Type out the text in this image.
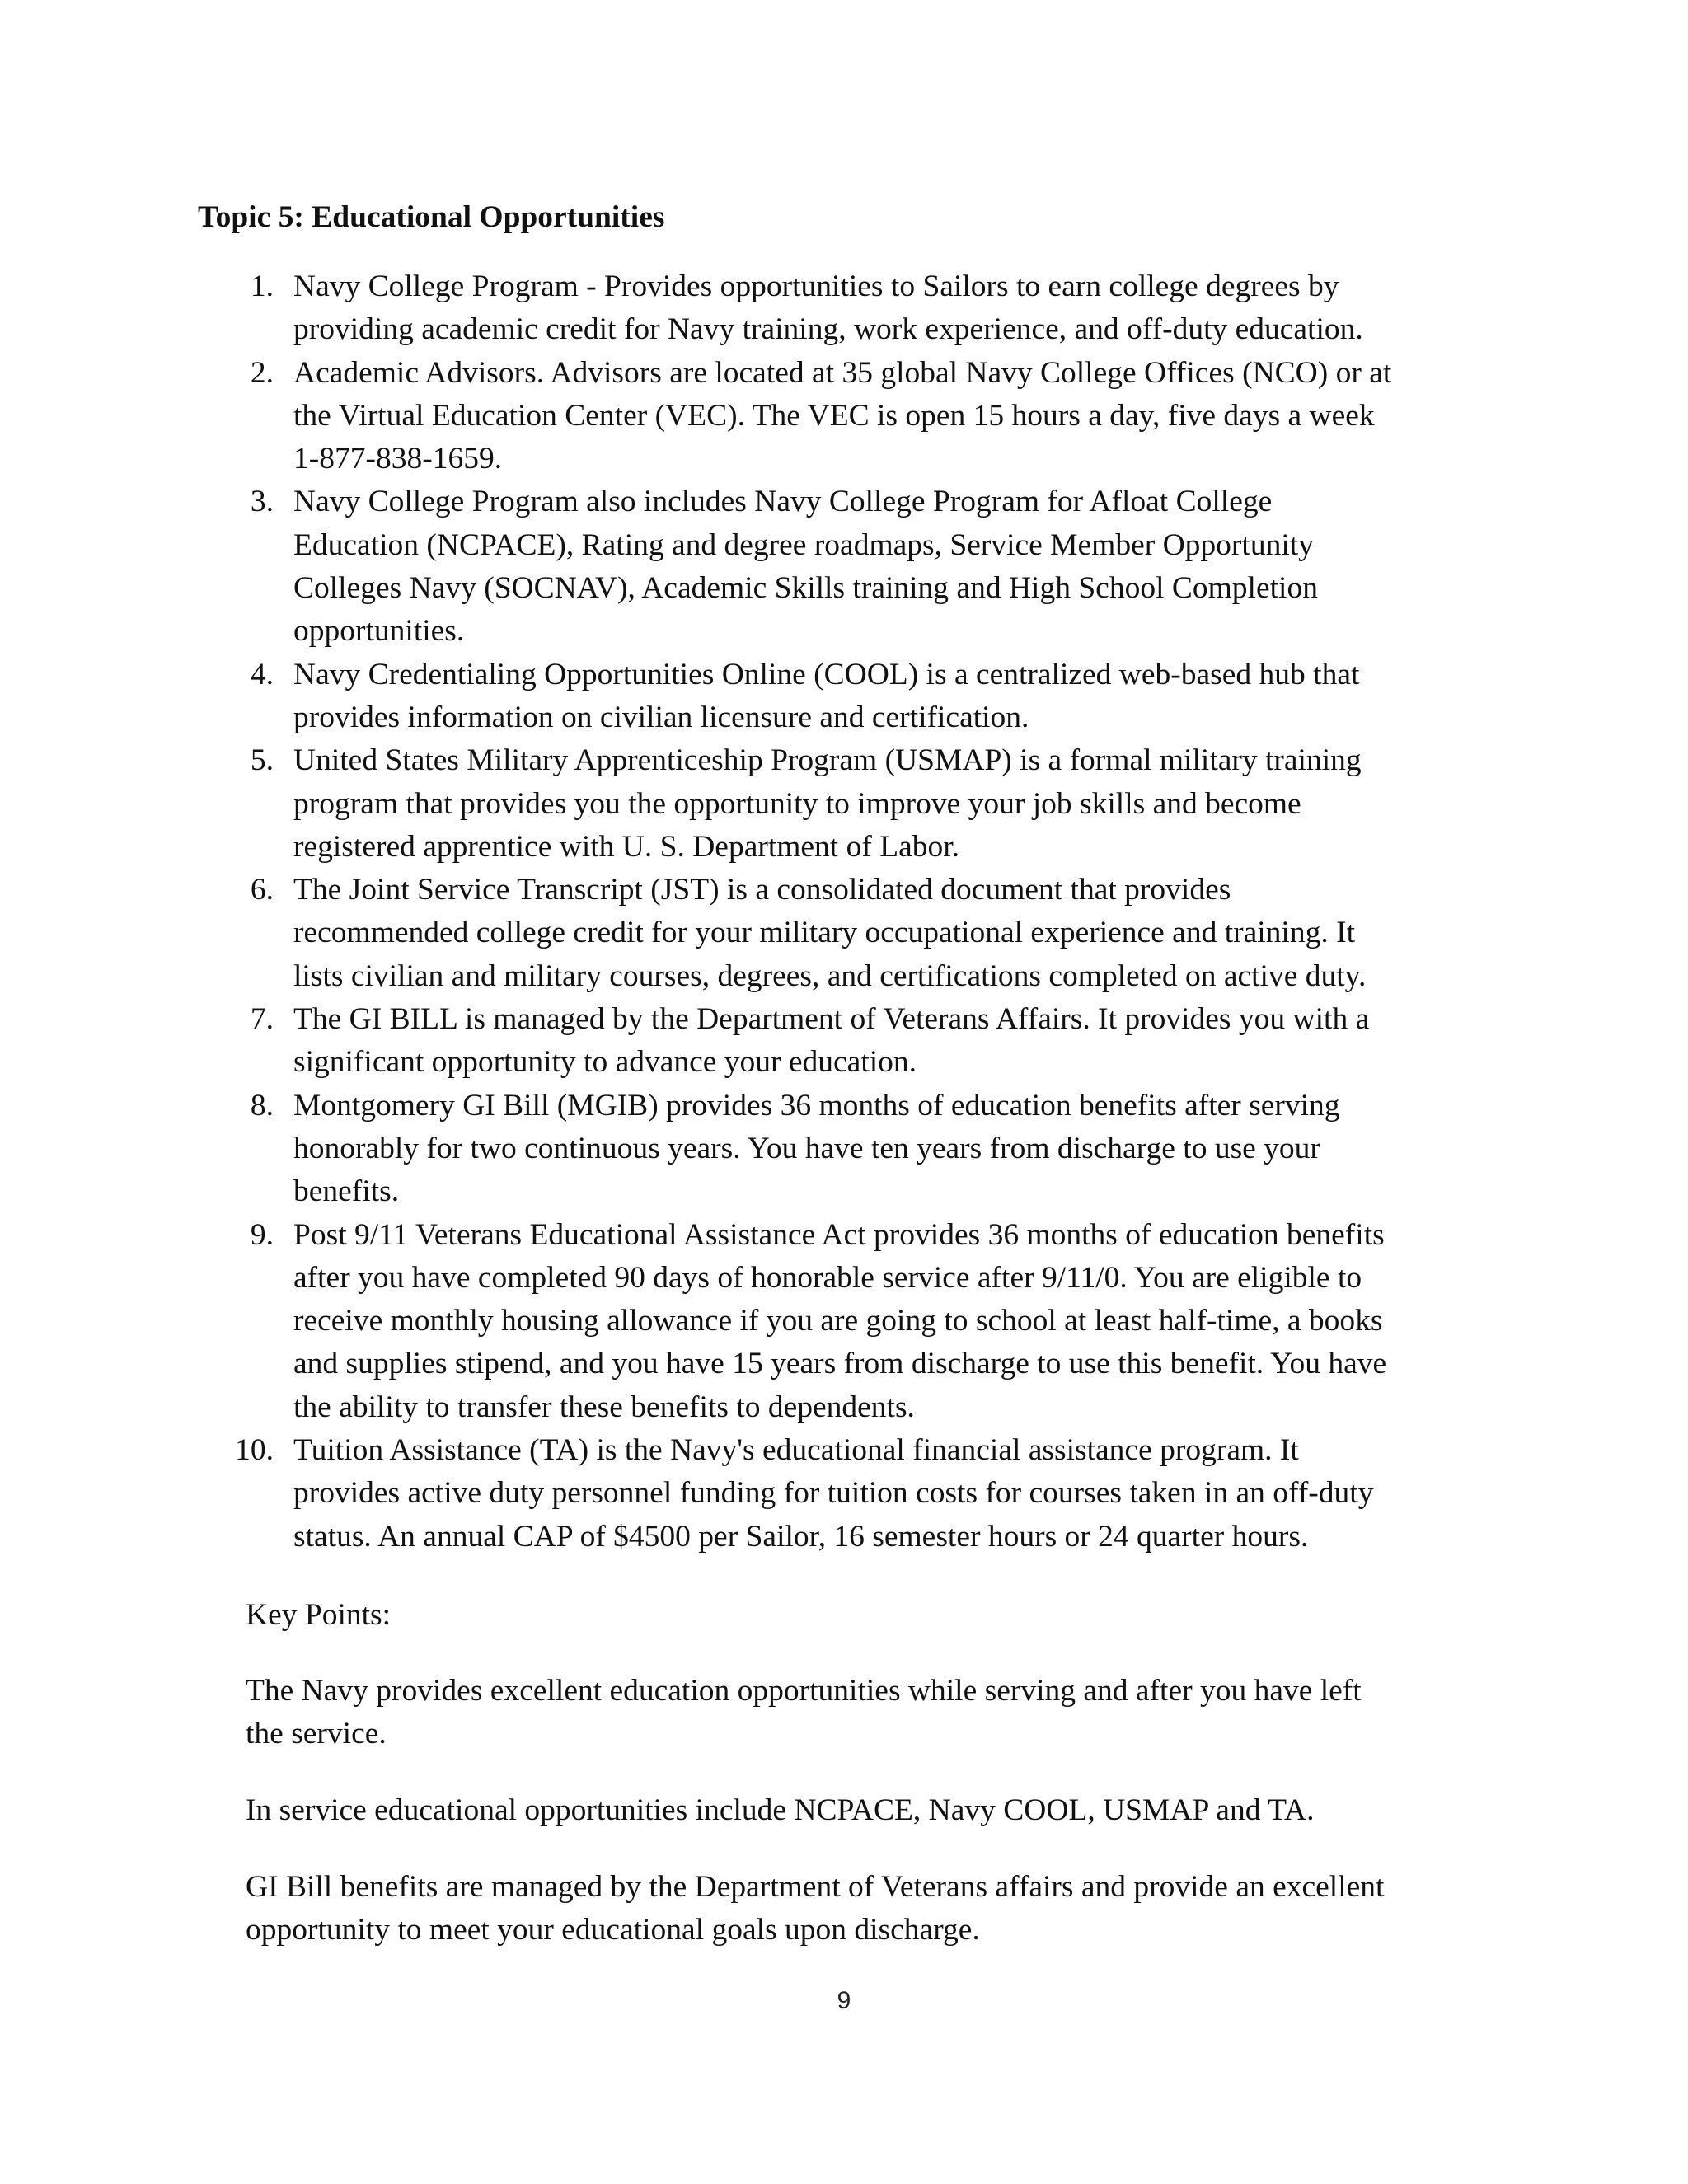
Topic 5: Educational Opportunities
1. Navy College Program - Provides opportunities to Sailors to earn college degrees by
providing academic credit for Navy training, work experience, and off-duty education.
2. Academic Advisors. Advisors are located at 35 global Navy College Offices (NCO) or at
the Virtual Education Center (VEC). The VEC is open 15 hours a day, five days a week
1-877-838-1659.
3. Navy College Program also includes Navy College Program for Afloat College
Education (NCPACE), Rating and degree roadmaps, Service Member Opportunity
Colleges Navy (SOCNAV), Academic Skills training and High School Completion
opportunities.
4. Navy Credentialing Opportunities Online (COOL) is a centralized web-based hub that
provides information on civilian licensure and certification.
5. United States Military Apprenticeship Program (USMAP) is a formal military training
program that provides you the opportunity to improve your job skills and become
registered apprentice with U. S. Department of Labor.
6. The Joint Service Transcript (JST) is a consolidated document that provides
recommended college credit for your military occupational experience and training. It
lists civilian and military courses, degrees, and certifications completed on active duty.
7. The GI BILL is managed by the Department of Veterans Affairs. It provides you with a
significant opportunity to advance your education.
8. Montgomery GI Bill (MGIB) provides 36 months of education benefits after serving
honorably for two continuous years. You have ten years from discharge to use your
benefits.
9. Post 9/11 Veterans Educational Assistance Act provides 36 months of education benefits
after you have completed 90 days of honorable service after 9/11/0. You are eligible to
receive monthly housing allowance if you are going to school at least half-time, a books
and supplies stipend, and you have 15 years from discharge to use this benefit. You have
the ability to transfer these benefits to dependents.
10. Tuition Assistance (TA) is the Navy's educational financial assistance program. It
provides active duty personnel funding for tuition costs for courses taken in an off-duty
status. An annual CAP of $4500 per Sailor, 16 semester hours or 24 quarter hours.

Key Points:

The Navy provides excellent education opportunities while serving and after you have left

the service.

In service educational opportunities include NCPACE, Navy COOL, USMAP and TA.

GI Bill benefits are managed by the Department of Veterans affairs and provide an excellent

opportunity to meet your educational goals upon discharge.

9
